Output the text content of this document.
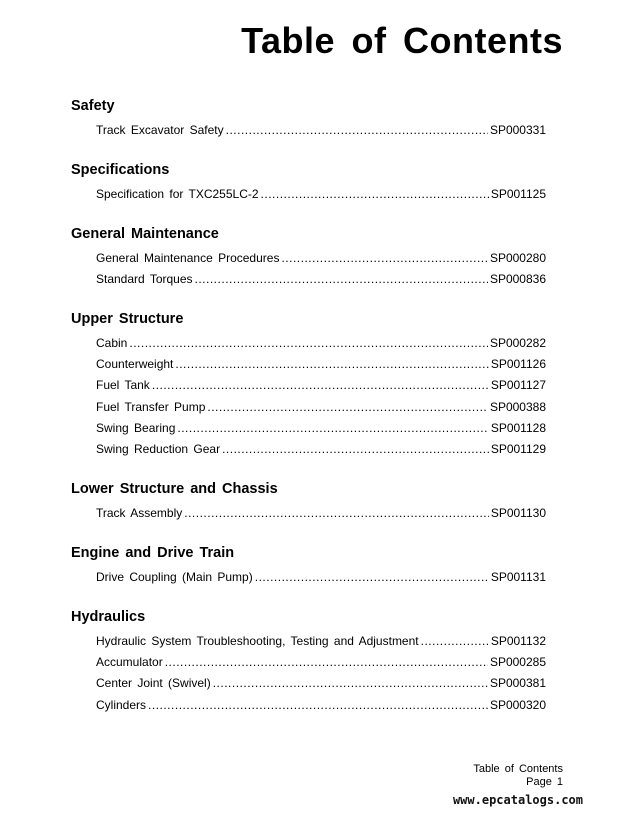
Table of Contents
Safety
Track Excavator Safety .....	SP000331
Specifications
Specification for TXC255LC-2 .....	SP001125
General Maintenance
General Maintenance Procedures .....	SP000280
Standard Torques .....	SP000836
Upper Structure
Cabin .....	SP000282
Counterweight .....	SP001126
Fuel Tank .....	SP001127
Fuel Transfer Pump .....	SP000388
Swing Bearing .....	SP001128
Swing Reduction Gear .....	SP001129
Lower Structure and Chassis
Track Assembly .....	SP001130
Engine and Drive Train
Drive Coupling (Main Pump) .....	SP001131
Hydraulics
Hydraulic System Troubleshooting, Testing and Adjustment .....	SP001132
Accumulator .....	SP000285
Center Joint (Swivel) .....	SP000381
Cylinders .....	SP000320
Table of Contents
Page 1
www.epcatalogs.com
